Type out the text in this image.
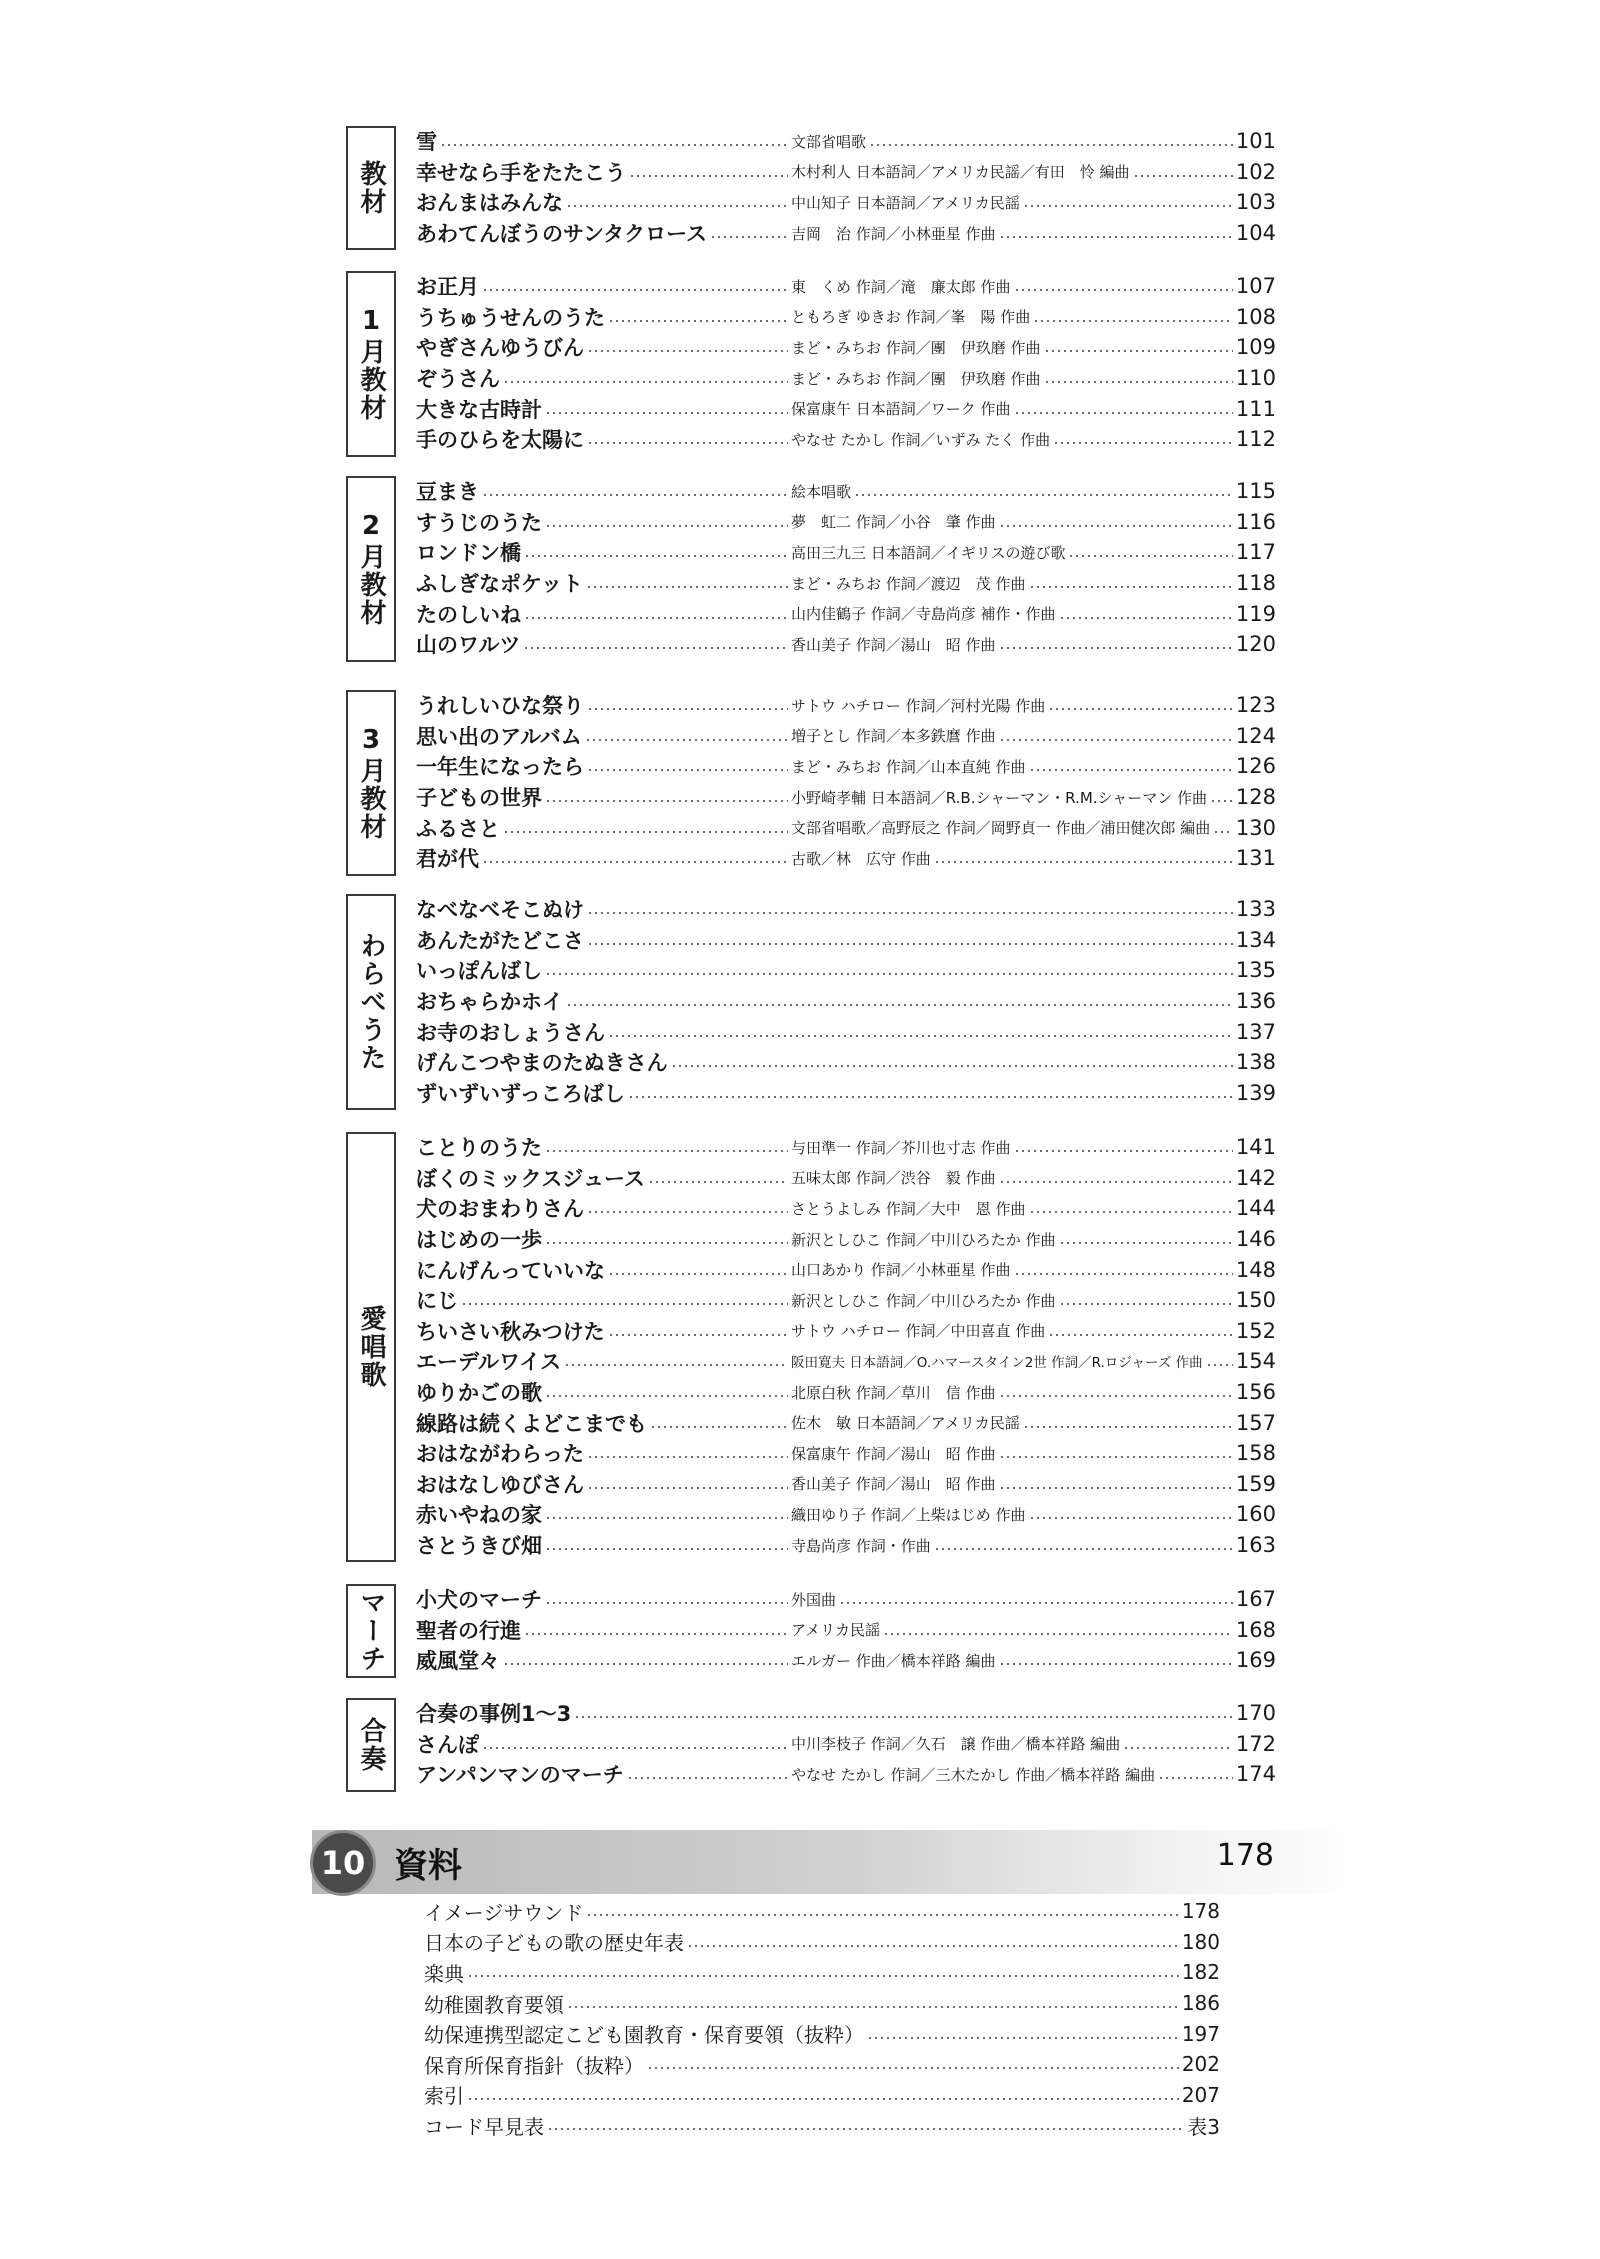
教材
雪	文部省唱歌	101
幸せなら手をたたこう	木村利人 日本語詞／アメリカ民謡／有田　怜 編曲	102
おんまはみんな	中山知子 日本語詞／アメリカ民謡	103
あわてんぼうのサンタクロース	吉岡　治 作詞／小林亜星 作曲	104
1月教材
お正月	東　くめ 作詞／滝　廉太郎 作曲	107
うちゅうせんのうた	ともろぎ ゆきお 作詞／峯　陽 作曲	108
やぎさんゆうびん	まど・みちお 作詞／團　伊玖磨 作曲	109
ぞうさん	まど・みちお 作詞／團　伊玖磨 作曲	110
大きな古時計	保富康午 日本語詞／ワーク 作曲	111
手のひらを太陽に	やなせ たかし 作詞／いずみ たく 作曲	112
2月教材
豆まき	絵本唱歌	115
すうじのうた	夢　虹二 作詞／小谷　肇 作曲	116
ロンドン橋	高田三九三 日本語詞／イギリスの遊び歌	117
ふしぎなポケット	まど・みちお 作詞／渡辺　茂 作曲	118
たのしいね	山内佳鶴子 作詞／寺島尚彦 補作・作曲	119
山のワルツ	香山美子 作詞／湯山　昭 作曲	120
3月教材
うれしいひな祭り	サトウ ハチロー 作詞／河村光陽 作曲	123
思い出のアルバム	増子とし 作詞／本多鉄麿 作曲	124
一年生になったら	まど・みちお 作詞／山本直純 作曲	126
子どもの世界	小野崎孝輔 日本語詞／R.B.シャーマン・R.M.シャーマン 作曲 128
ふるさと	文部省唱歌／高野辰之 作詞／岡野貞一 作曲／浦田健次郎 編曲 130
君が代	古歌／林　広守 作曲	131
わらべうた
なべなべそこぬけ	133
あんたがたどこさ	134
いっぽんばし	135
おちゃらかホイ	136
お寺のおしょうさん	137
げんこつやまのたぬきさん	138
ずいずいずっころばし	139
愛唱歌
ことりのうた	与田準一 作詞／芥川也寸志 作曲	141
ぼくのミックスジュース	五味太郎 作詞／渋谷　毅 作曲	142
犬のおまわりさん	さとうよしみ 作詞／大中　恩 作曲	144
はじめの一歩	新沢としひこ 作詞／中川ひろたか 作曲	146
にんげんっていいな	山口あかり 作詞／小林亜星 作曲	148
にじ	新沢としひこ 作詞／中川ひろたか 作曲	150
ちいさい秋みつけた	サトウ ハチロー 作詞／中田喜直 作曲	152
エーデルワイス	阪田寛夫 日本語詞／O.ハマースタイン2世 作詞／R.ロジャーズ 作曲 154
ゆりかごの歌	北原白秋 作詞／草川　信 作曲	156
線路は続くよどこまでも	佐木　敏 日本語詞／アメリカ民謡	157
おはながわらった	保富康午 作詞／湯山　昭 作曲	158
おはなしゆびさん	香山美子 作詞／湯山　昭 作曲	159
赤いやねの家	織田ゆり子 作詞／上柴はじめ 作曲	160
さとうきび畑	寺島尚彦 作詞・作曲	163
マーチ 小犬のマーチ	外国曲	167
聖者の行進	アメリカ民謡	168
威風堂々	エルガー 作曲／橋本祥路 編曲	169
合奏
合奏の事例1〜3	170
さんぽ	中川李枝子 作詞／久石　譲 作曲／橋本祥路 編曲	172
アンパンマンのマーチ	やなせ たかし 作詞／三木たかし 作曲／橋本祥路 編曲	174
10 資料	178
イメージサウンド	178
日本の子どもの歌の歴史年表	180
楽典	182
幼稚園教育要領	186
幼保連携型認定こども園教育・保育要領（抜粋）	197
保育所保育指針（抜粋）	202
索引	207
コード早見表	表3
